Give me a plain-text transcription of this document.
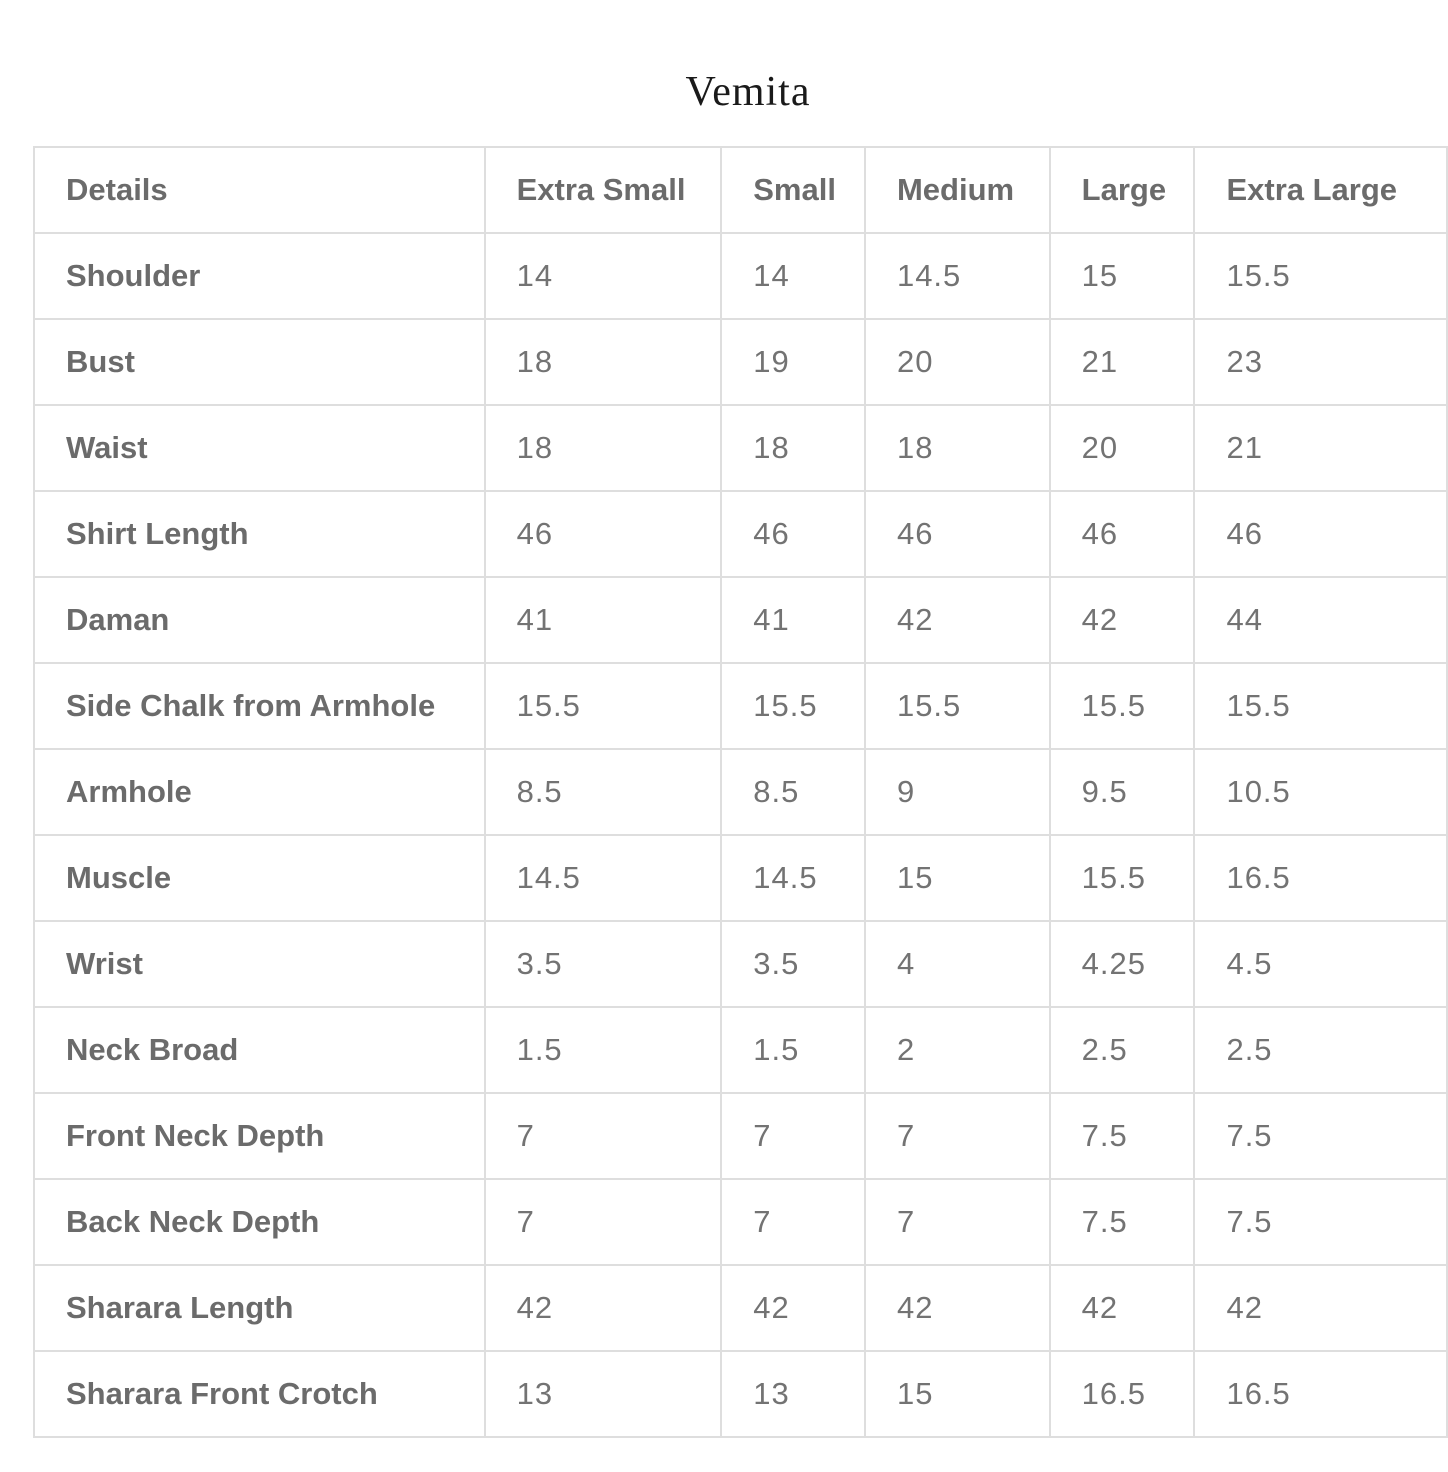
Vemita
Details	Extra Small	Small	Medium	Large	Extra Large
Shoulder	14	14	14.5	15	15.5
Bust	18	19	20	21	23
Waist	18	18	18	20	21
Shirt Length	46	46	46	46	46
Daman	41	41	42	42	44
Side Chalk from Armhole	15.5	15.5	15.5	15.5	15.5
Armhole	8.5	8.5	9	9.5	10.5
Muscle	14.5	14.5	15	15.5	16.5
Wrist	3.5	3.5	4	4.25	4.5
Neck Broad	1.5	1.5	2	2.5	2.5
Front Neck Depth	7	7	7	7.5	7.5
Back Neck Depth	7	7	7	7.5	7.5
Sharara Length	42	42	42	42	42
Sharara Front Crotch	13	13	15	16.5	16.5
